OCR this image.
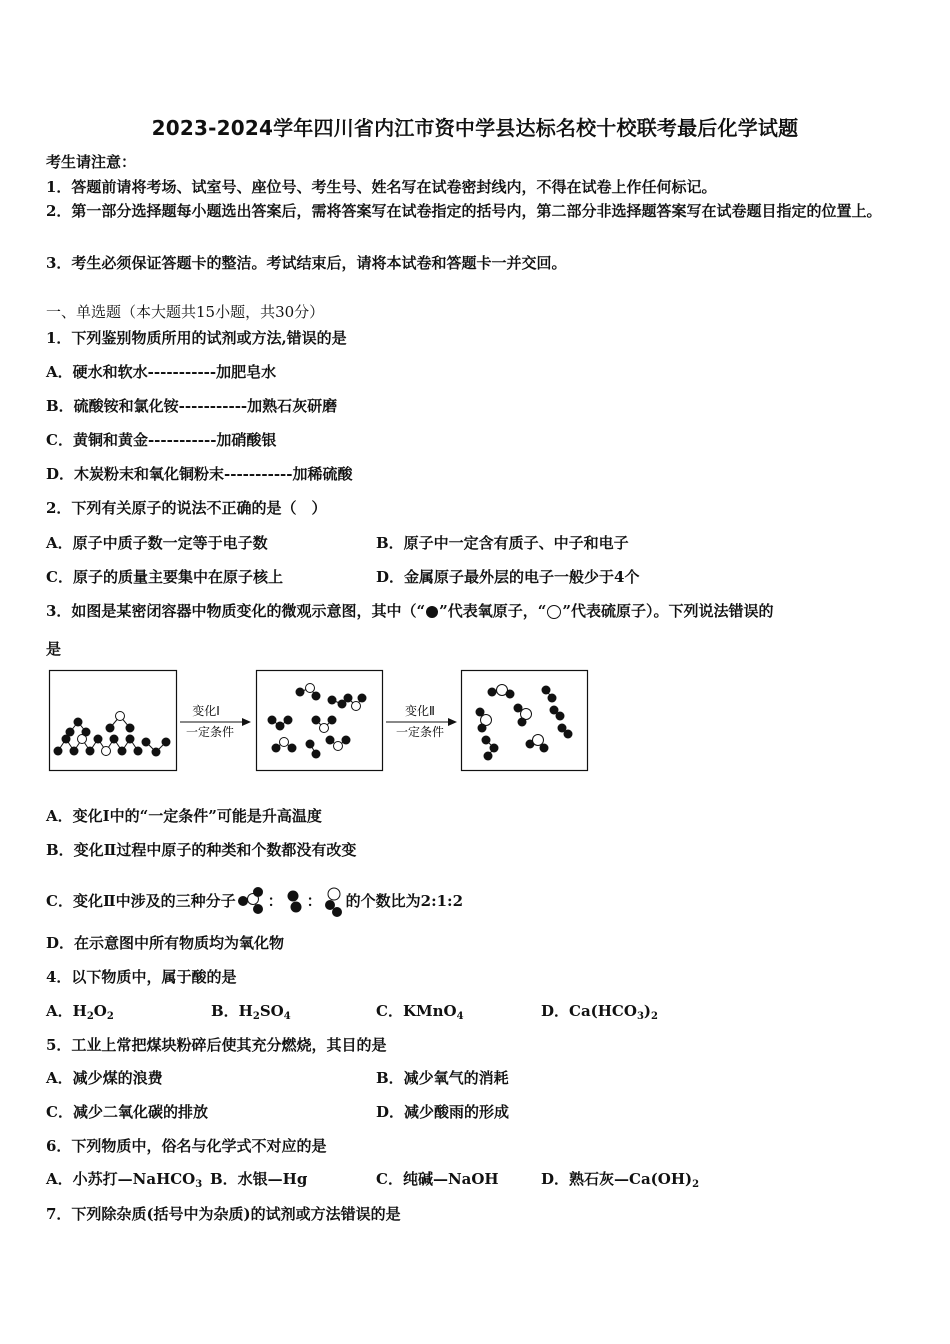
2023-2024学年四川省内江市资中学县达标名校十校联考最后化学试题
考生请注意：
1．答题前请将考场、试室号、座位号、考生号、姓名写在试卷密封线内，不得在试卷上作任何标记。
2．第一部分选择题每小题选出答案后，需将答案写在试卷指定的括号内，第二部分非选择题答案写在试卷题目指定的位置上。
3．考生必须保证答题卡的整洁。考试结束后，请将本试卷和答题卡一并交回。
一、单选题（本大题共15小题，共30分）
1．下列鉴别物质所用的试剂或方法,错误的是
A．硬水和软水-----------加肥皂水
B．硫酸铵和氯化铵-----------加熟石灰研磨
C．黄铜和黄金-----------加硝酸银
D．木炭粉末和氧化铜粉末-----------加稀硫酸
2．下列有关原子的说法不正确的是（　）
A．原子中质子数一定等于电子数	B．原子中一定含有质子、中子和电子
C．原子的质量主要集中在原子核上	D．金属原子最外层的电子一般少于4个
3．如图是某密闭容器中物质变化的微观示意图，其中（“ ”代表氧原子，“ ”代表硫原子）。下列说法错误的
是
变化Ⅰ
一定条件
变化Ⅱ
一定条件
A．变化Ⅰ中的“一定条件”可能是升高温度
B．变化Ⅱ过程中原子的种类和个数都没有改变
C．变化Ⅱ中涉及的三种分子 ： ： 的个数比为2:1:2
D．在示意图中所有物质均为氧化物
4．以下物质中，属于酸的是
A．$H_2O_2$	B．$H_2SO_4$	C．KMnO$_4$	D．$Ca(HCO_3)_2$
5．工业上常把煤块粉碎后使其充分燃烧，其目的是
A．减少煤的浪费	B．减少氧气的消耗
C．减少二氧化碳的排放	D．减少酸雨的形成
6．下列物质中，俗名与化学式不对应的是
A．小苏打—NaHCO$_3$ B．水银—Hg	C．纯碱—NaOH	D．熟石灰$—Ca(OH)_2$
7．下列除杂质(括号中为杂质)的试剂或方法错误的是
